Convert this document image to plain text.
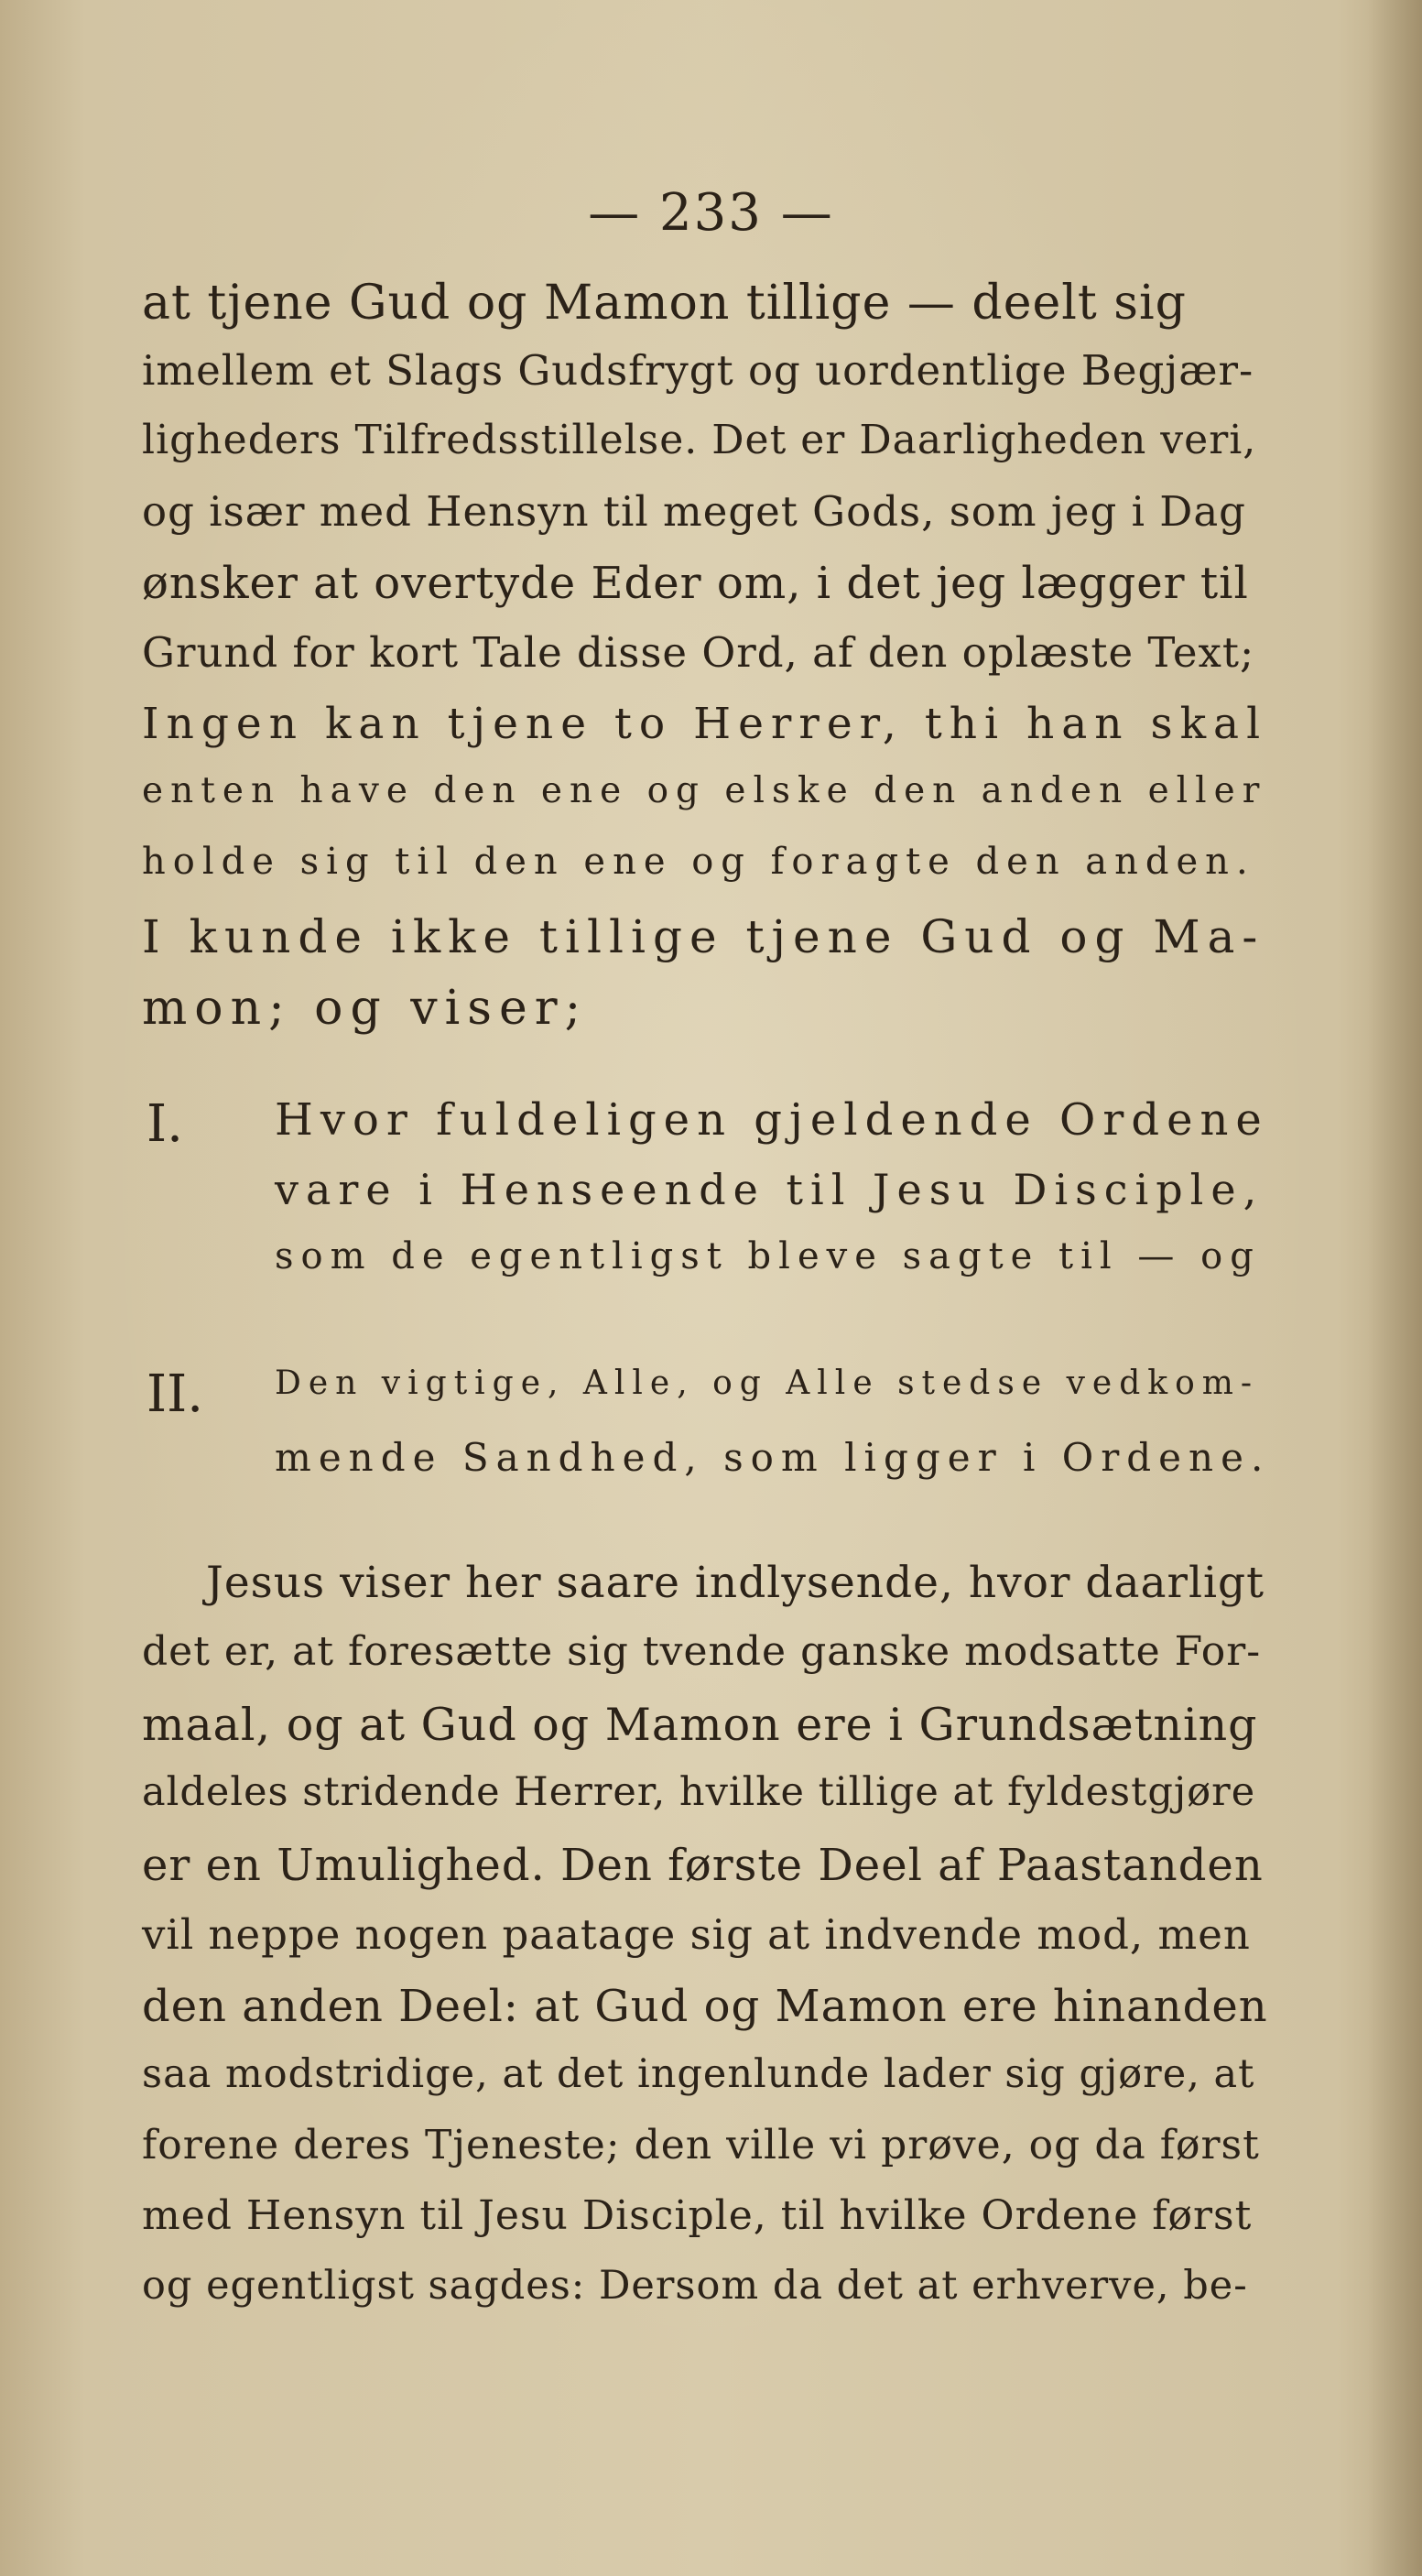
— 233 —
at tjene Gud og Mamon tillige — deelt sig
imellem et Slags Gudsfrygt og uordentlige Begjær-
ligheders Tilfredsstillelse. Det er Daarligheden veri,
og især med Hensyn til meget Gods, som jeg i Dag
ønsker at overtyde Eder om, i det jeg lægger til
Grund for kort Tale disse Ord, af den oplæste Text;
Ingen kan tjene to Herrer, thi han skal
enten have den ene og elske den anden eller
holde sig til den ene og foragte den anden.
I kunde ikke tillige tjene Gud og Ma-
mon; og viser;
I. Hvor fuldeligen gjeldende Ordene
vare i Henseende til Jesu Disciple,
som de egentligst bleve sagte til — og
II. Den vigtige, Alle, og Alle stedse vedkom-
mende Sandhed, som ligger i Ordene.
Jesus viser her saare indlysende, hvor daarligt
det er, at foresætte sig tvende ganske modsatte For-
maal, og at Gud og Mamon ere i Grundsætning
aldeles stridende Herrer, hvilke tillige at fyldestgjøre
er en Umulighed. Den første Deel af Paastanden
vil neppe nogen paatage sig at indvende mod, men
den anden Deel: at Gud og Mamon ere hinanden
saa modstridige, at det ingenlunde lader sig gjøre, at
forene deres Tjeneste; den ville vi prøve, og da først
med Hensyn til Jesu Disciple, til hvilke Ordene først
og egentligst sagdes: Dersom da det at erhverve, be-
